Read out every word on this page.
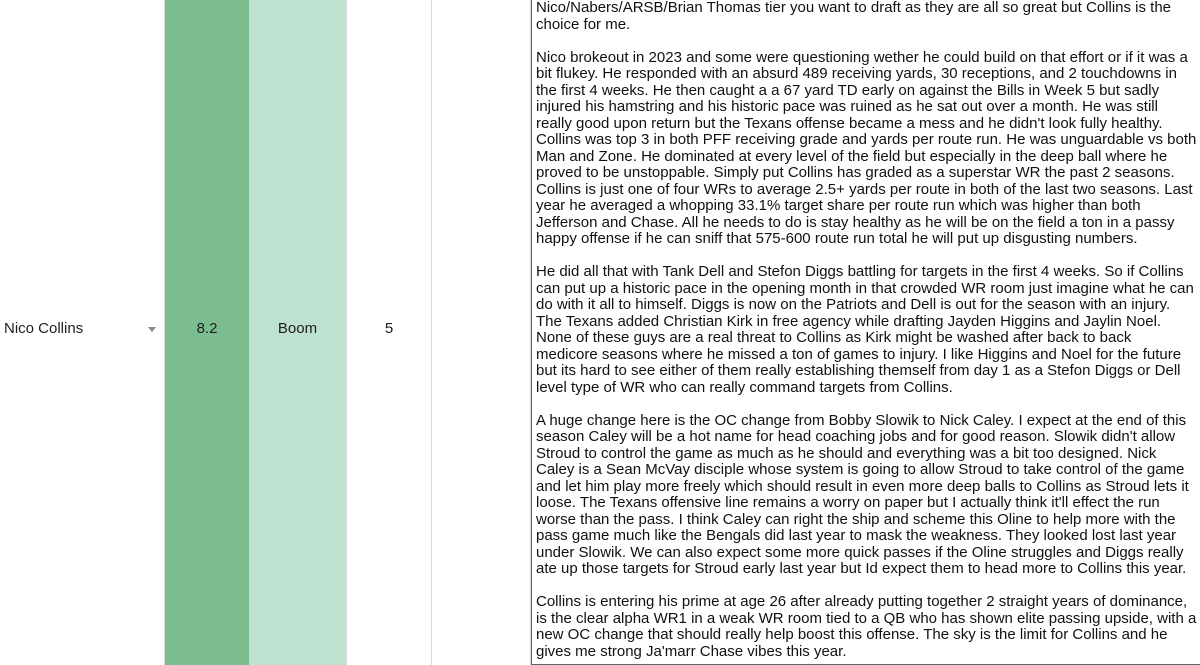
Nico Collins	8.2	Boom	5

Nico/Nabers/ARSB/Brian Thomas tier you want to draft as they are all so great but Collins is the choice for me.

Nico brokeout in 2023 and some were questioning wether he could build on that effort or if it was a bit flukey. He responded with an absurd 489 receiving yards, 30 receptions, and 2 touchdowns in the first 4 weeks. He then caught a a 67 yard TD early on against the Bills in Week 5 but sadly injured his hamstring and his historic pace was ruined as he sat out over a month. He was still really good upon return but the Texans offense became a mess and he didn't look fully healthy. Collins was top 3 in both PFF receiving grade and yards per route run. He was unguardable vs both Man and Zone. He dominated at every level of the field but especially in the deep ball where he proved to be unstoppable. Simply put Collins has graded as a superstar WR the past 2 seasons. Collins is just one of four WRs to average 2.5+ yards per route in both of the last two seasons. Last year he averaged a whopping 33.1% target share per route run which was higher than both Jefferson and Chase. All he needs to do is stay healthy as he will be on the field a ton in a passy happy offense if he can sniff that 575-600 route run total he will put up disgusting numbers.

He did all that with Tank Dell and Stefon Diggs battling for targets in the first 4 weeks. So if Collins can put up a historic pace in the opening month in that crowded WR room just imagine what he can do with it all to himself. Diggs is now on the Patriots and Dell is out for the season with an injury. The Texans added Christian Kirk in free agency while drafting Jayden Higgins and Jaylin Noel. None of these guys are a real threat to Collins as Kirk might be washed after back to back medicore seasons where he missed a ton of games to injury. I like Higgins and Noel for the future but its hard to see either of them really establishing themself from day 1 as a Stefon Diggs or Dell level type of WR who can really command targets from Collins.

A huge change here is the OC change from Bobby Slowik to Nick Caley. I expect at the end of this season Caley will be a hot name for head coaching jobs and for good reason. Slowik didn't allow Stroud to control the game as much as he should and everything was a bit too designed. Nick Caley is a Sean McVay disciple whose system is going to allow Stroud to take control of the game and let him play more freely which should result in even more deep balls to Collins as Stroud lets it loose. The Texans offensive line remains a worry on paper but I actually think it'll effect the run worse than the pass. I think Caley can right the ship and scheme this Oline to help more with the pass game much like the Bengals did last year to mask the weakness. They looked lost last year under Slowik. We can also expect some more quick passes if the Oline struggles and Diggs really ate up those targets for Stroud early last year but Id expect them to head more to Collins this year.

Collins is entering his prime at age 26 after already putting together 2 straight years of dominance, is the clear alpha WR1 in a weak WR room tied to a QB who has shown elite passing upside, with a new OC change that should really help boost this offense. The sky is the limit for Collins and he gives me strong Ja'marr Chase vibes this year.
